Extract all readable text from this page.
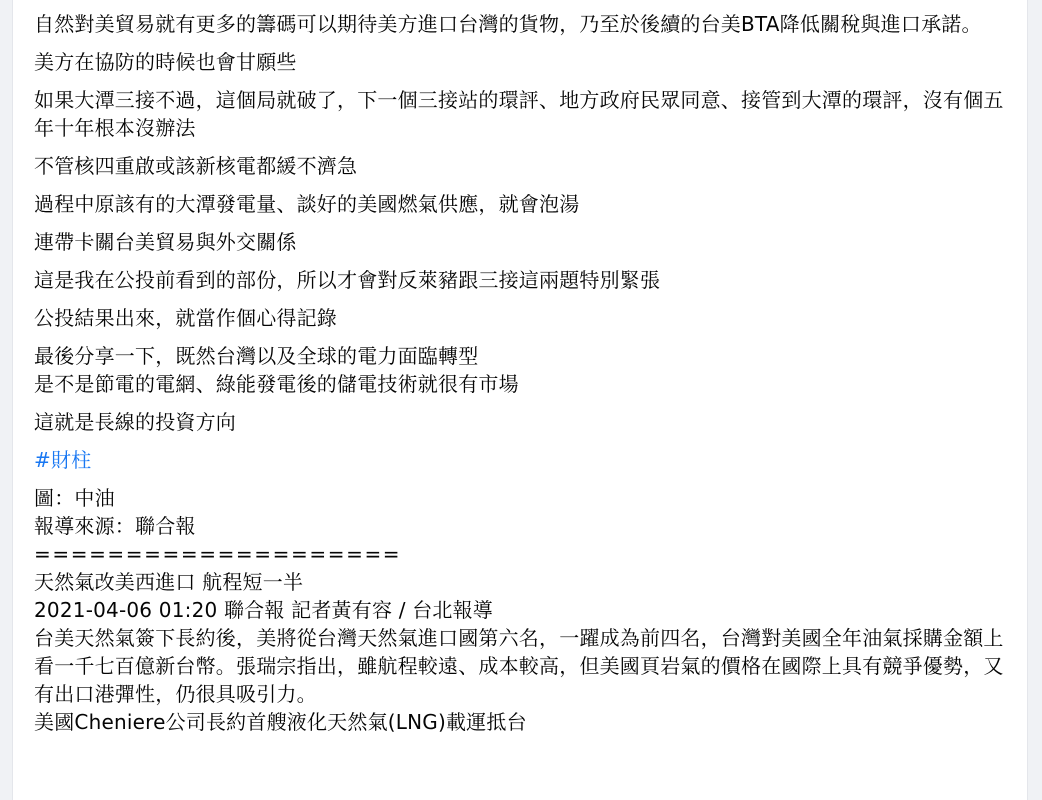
自然對美貿易就有更多的籌碼可以期待美方進口台灣的貨物，乃至於後續的台美BTA降低關稅與進口承諾。
美方在協防的時候也會甘願些
如果大潭三接不過，這個局就破了，下一個三接站的環評、地方政府民眾同意、接管到大潭的環評，沒有個五年十年根本沒辦法
不管核四重啟或該新核電都緩不濟急
過程中原該有的大潭發電量、談好的美國燃氣供應，就會泡湯
連帶卡關台美貿易與外交關係
這是我在公投前看到的部份，所以才會對反萊豬跟三接這兩題特別緊張
公投結果出來，就當作個心得記錄
最後分享一下，既然台灣以及全球的電力面臨轉型
是不是節電的電網、綠能發電後的儲電技術就很有市場
這就是長線的投資方向
#財柱
圖：中油
報導來源：聯合報
====================
天然氣改美西進口 航程短一半
2021-04-06 01:20 聯合報 記者黃有容 / 台北報導
台美天然氣簽下長約後，美將從台灣天然氣進口國第六名，一躍成為前四名，台灣對美國全年油氣採購金額上看一千七百億新台幣。張瑞宗指出，雖航程較遠、成本較高，但美國頁岩氣的價格在國際上具有競爭優勢，又有出口港彈性，仍很具吸引力。
美國Cheniere公司長約首艘液化天然氣(LNG)載運抵台
